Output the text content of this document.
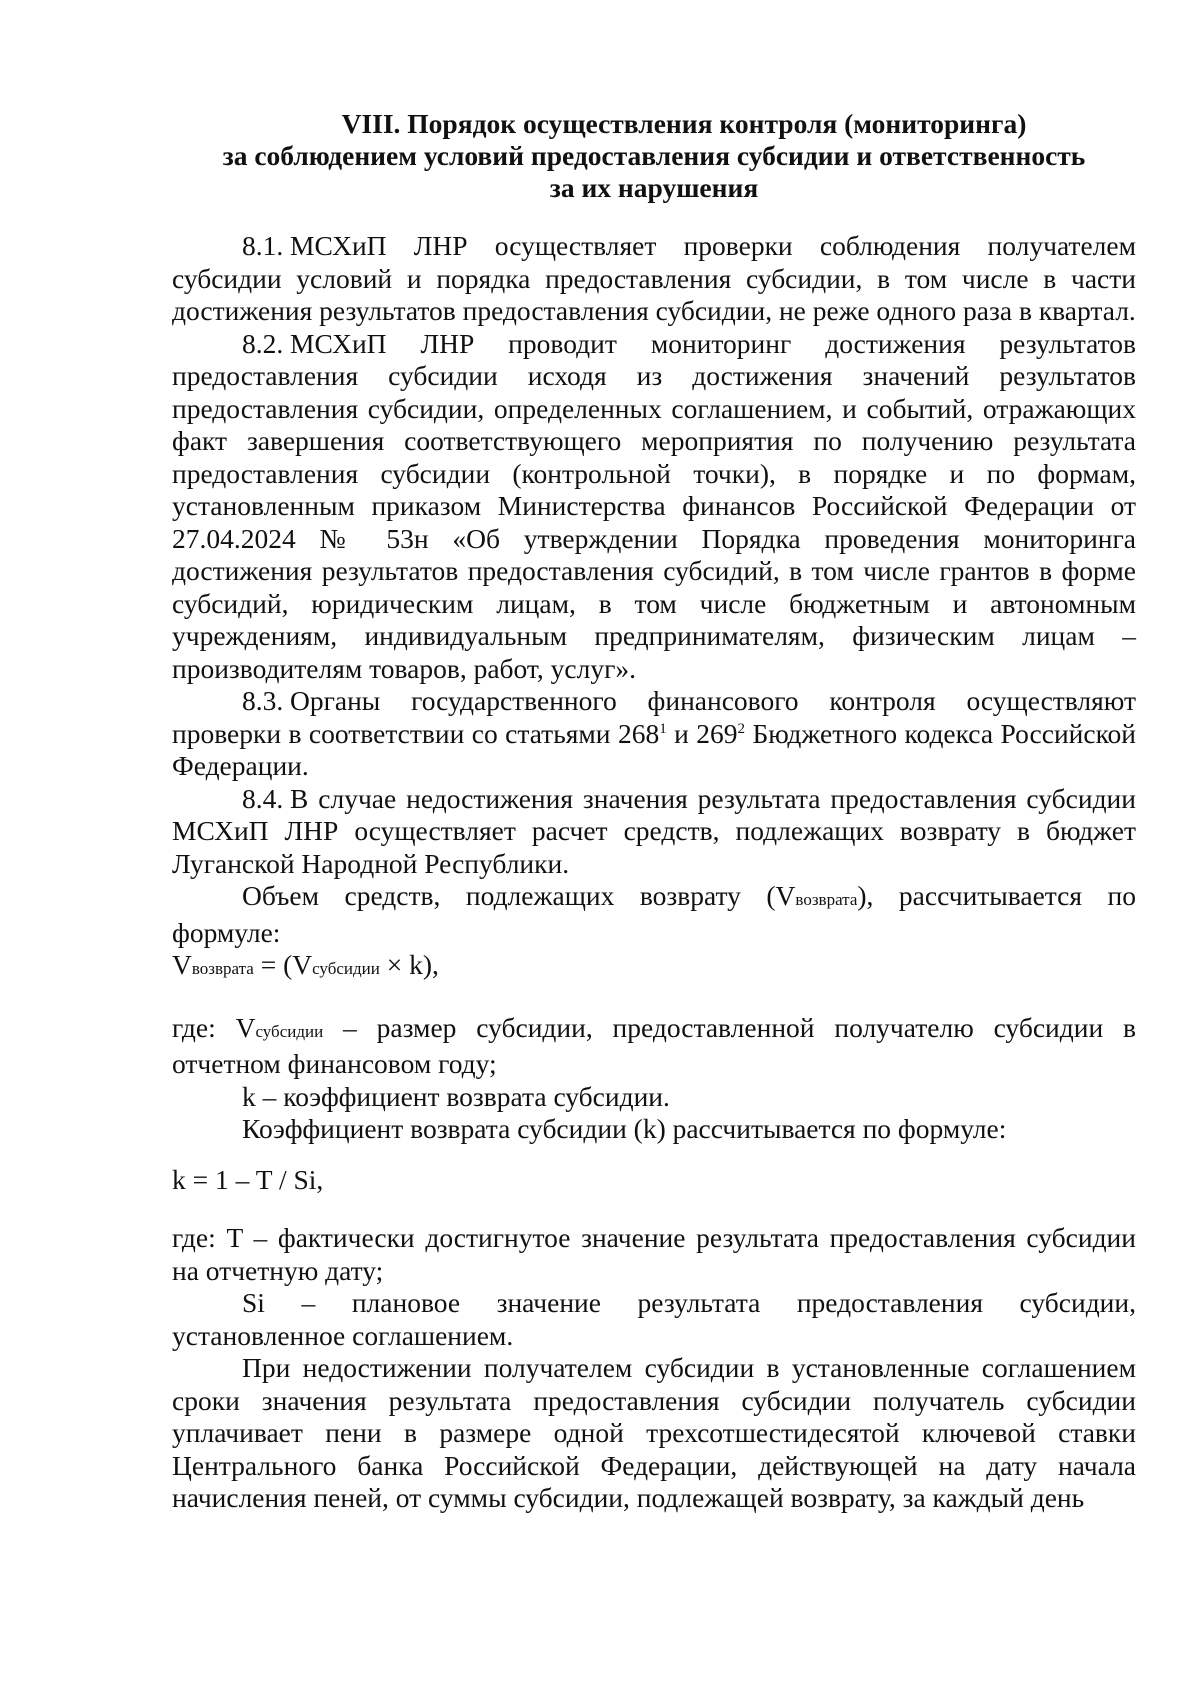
VIII. Порядок осуществления контроля (мониторинга)
за соблюдением условий предоставления субсидии и ответственность
за их нарушения

8.1. МСХиП ЛНР осуществляет проверки соблюдения получателем субсидии условий и порядка предоставления субсидии, в том числе в части достижения результатов предоставления субсидии, не реже одного раза в квартал.

8.2. МСХиП ЛНР проводит мониторинг достижения результатов предоставления субсидии исходя из достижения значений результатов предоставления субсидии, определенных соглашением, и событий, отражающих факт завершения соответствующего мероприятия по получению результата предоставления субсидии (контрольной точки), в порядке и по формам, установленным приказом Министерства финансов Российской Федерации от 27.04.2024 № 53н «Об утверждении Порядка проведения мониторинга достижения результатов предоставления субсидий, в том числе грантов в форме субсидий, юридическим лицам, в том числе бюджетным и автономным учреждениям, индивидуальным предпринимателям, физическим лицам – производителям товаров, работ, услуг».

8.3. Органы государственного финансового контроля осуществляют проверки в соответствии со статьями $268^1$ и $269^2$ Бюджетного кодекса Российской Федерации.

8.4. В случае недостижения значения результата предоставления субсидии МСХиП ЛНР осуществляет расчет средств, подлежащих возврату в бюджет Луганской Народной Республики.

Объем средств, подлежащих возврату (Vвозврата), рассчитывается по формуле:

Vвозврата = (Vсубсидии × k),

где: Vсубсидии – размер субсидии, предоставленной получателю субсидии в отчетном финансовом году;

k – коэффициент возврата субсидии.

Коэффициент возврата субсидии (k) рассчитывается по формуле:

k = 1 – T / Si,

где: T – фактически достигнутое значение результата предоставления субсидии на отчетную дату;

Si – плановое значение результата предоставления субсидии, установленное соглашением.

При недостижении получателем субсидии в установленные соглашением сроки значения результата предоставления субсидии получатель субсидии уплачивает пени в размере одной трехсотшестидесятой ключевой ставки Центрального банка Российской Федерации, действующей на дату начала начисления пеней, от суммы субсидии, подлежащей возврату, за каждый день
